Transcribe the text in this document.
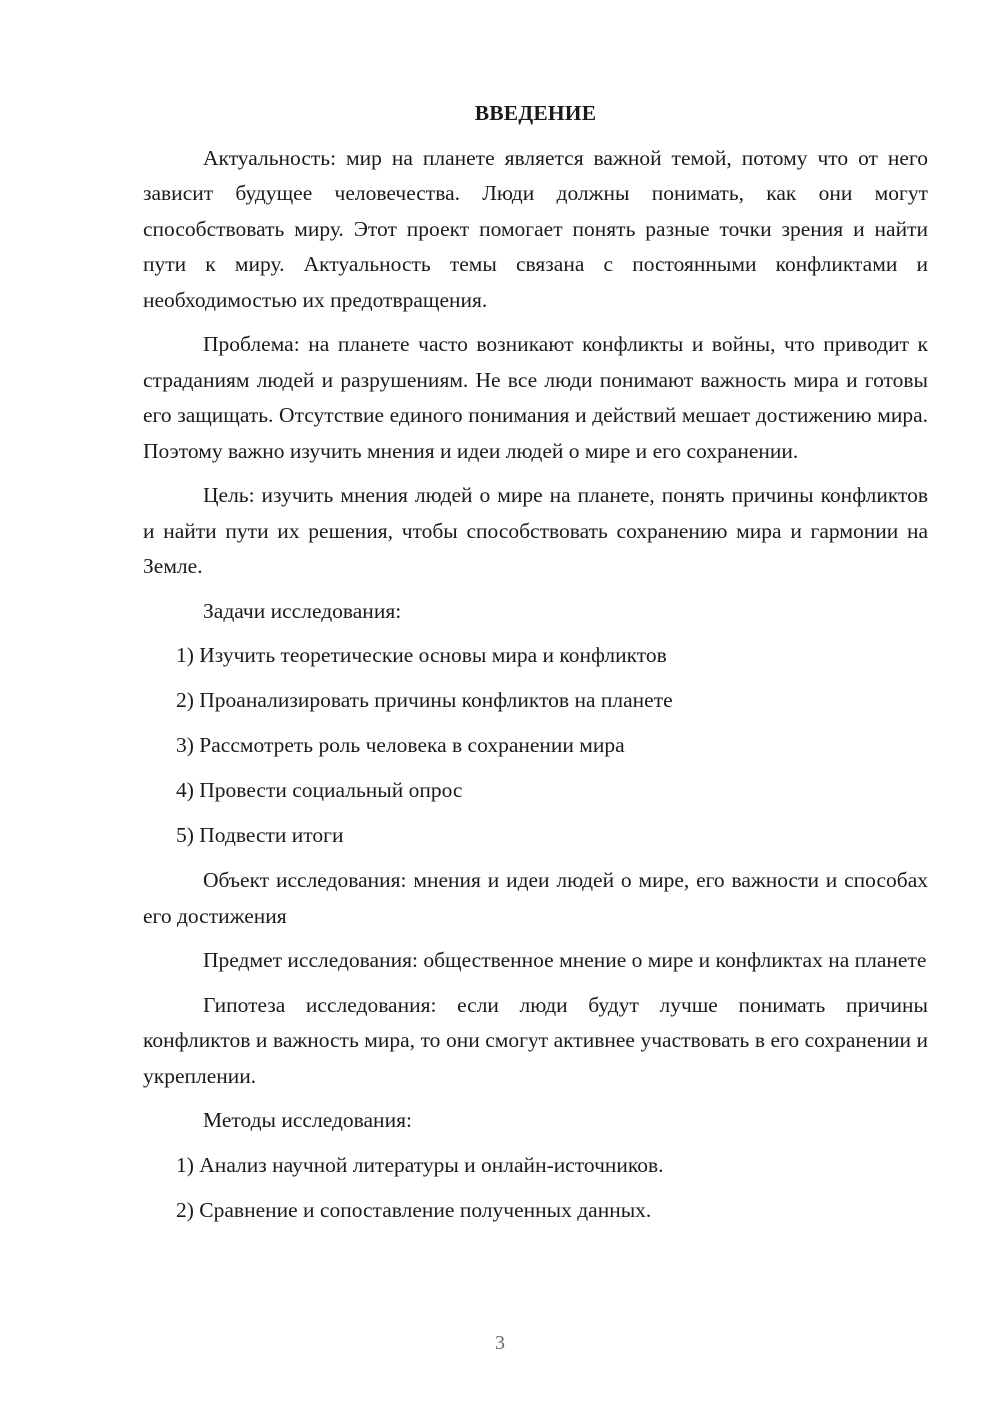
ВВЕДЕНИЕ

Актуальность: мир на планете является важной темой, потому что от него зависит будущее человечества. Люди должны понимать, как они могут способствовать миру. Этот проект помогает понять разные точки зрения и найти пути к миру. Актуальность темы связана с постоянными конфликтами и необходимостью их предотвращения.

Проблема: на планете часто возникают конфликты и войны, что приводит к страданиям людей и разрушениям. Не все люди понимают важность мира и готовы его защищать. Отсутствие единого понимания и действий мешает достижению мира. Поэтому важно изучить мнения и идеи людей о мире и его сохранении.

Цель: изучить мнения людей о мире на планете, понять причины конфликтов и найти пути их решения, чтобы способствовать сохранению мира и гармонии на Земле.

Задачи исследования:

1) Изучить теоретические основы мира и конфликтов

2) Проанализировать причины конфликтов на планете

3) Рассмотреть роль человека в сохранении мира

4) Провести социальный опрос

5) Подвести итоги

Объект исследования: мнения и идеи людей о мире, его важности и способах его достижения

Предмет исследования: общественное мнение о мире и конфликтах на планете

Гипотеза исследования: если люди будут лучше понимать причины конфликтов и важность мира, то они смогут активнее участвовать в его сохранении и укреплении.

Методы исследования:

1) Анализ научной литературы и онлайн-источников.

2) Сравнение и сопоставление полученных данных.

3
